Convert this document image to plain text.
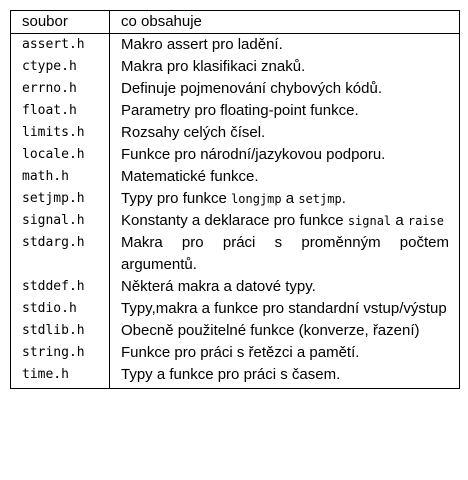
soubor	co obsahuje
assert.h	Makro assert pro ladění.
ctype.h	Makra pro klasifikaci znaků.
errno.h	Definuje pojmenování chybových kódů.
float.h	Parametry pro floating-point funkce.
limits.h	Rozsahy celých čísel.
locale.h	Funkce pro národní/jazykovou podporu.
math.h	Matematické funkce.
setjmp.h	Typy pro funkce longjmp a setjmp.
signal.h	Konstanty a deklarace pro funkce signal a raise
stdarg.h	Makra pro práci s proměnným počtem argumentů.
stddef.h	Některá makra a datové typy.
stdio.h	Typy,makra a funkce pro standardní vstup/výstup
stdlib.h	Obecně použitelné funkce (konverze, řazení)
string.h	Funkce pro práci s řetězci a pamětí.
time.h	Typy a funkce pro práci s časem.
